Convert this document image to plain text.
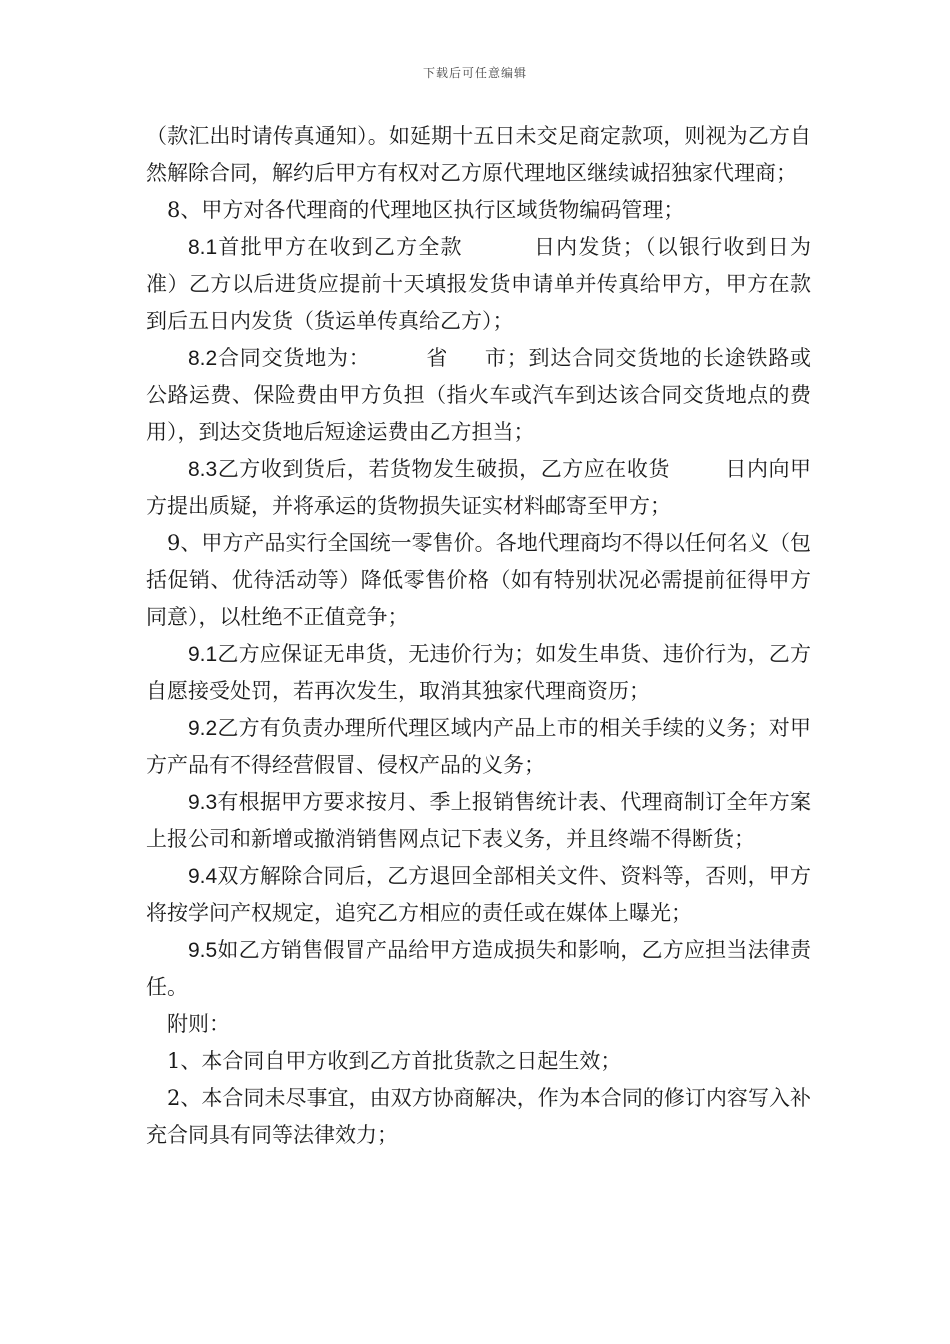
下载后可任意编辑

（款汇出时请传真通知）。如延期十五日未交足商定款项，则视为乙方自然解除合同，解约后甲方有权对乙方原代理地区继续诚招独家代理商；

8、甲方对各代理商的代理地区执行区域货物编码管理；

8.1首批甲方在收到乙方全款	日内发货；（以银行收到日为准）乙方以后进货应提前十天填报发货申请单并传真给甲方，甲方在款到后五日内发货（货运单传真给乙方）；

8.2合同交货地为：	省 市；到达合同交货地的长途铁路或公路运费、保险费由甲方负担（指火车或汽车到达该合同交货地点的费用），到达交货地后短途运费由乙方担当；

8.3乙方收到货后，若货物发生破损，乙方应在收货	日内向甲方提出质疑，并将承运的货物损失证实材料邮寄至甲方；

9、甲方产品实行全国统一零售价。各地代理商均不得以任何名义（包括促销、优待活动等）降低零售价格（如有特别状况必需提前征得甲方同意），以杜绝不正值竞争；

9.1乙方应保证无串货，无违价行为；如发生串货、违价行为，乙方自愿接受处罚，若再次发生，取消其独家代理商资历；

9.2乙方有负责办理所代理区域内产品上市的相关手续的义务；对甲方产品有不得经营假冒、侵权产品的义务；

9.3有根据甲方要求按月、季上报销售统计表、代理商制订全年方案上报公司和新增或撤消销售网点记下表义务，并且终端不得断货；

9.4双方解除合同后，乙方退回全部相关文件、资料等，否则，甲方将按学问产权规定，追究乙方相应的责任或在媒体上曝光；

9.5如乙方销售假冒产品给甲方造成损失和影响，乙方应担当法律责任。

附则：

1、本合同自甲方收到乙方首批货款之日起生效；

2、本合同未尽事宜，由双方协商解决，作为本合同的修订内容写入补充合同具有同等法律效力；
